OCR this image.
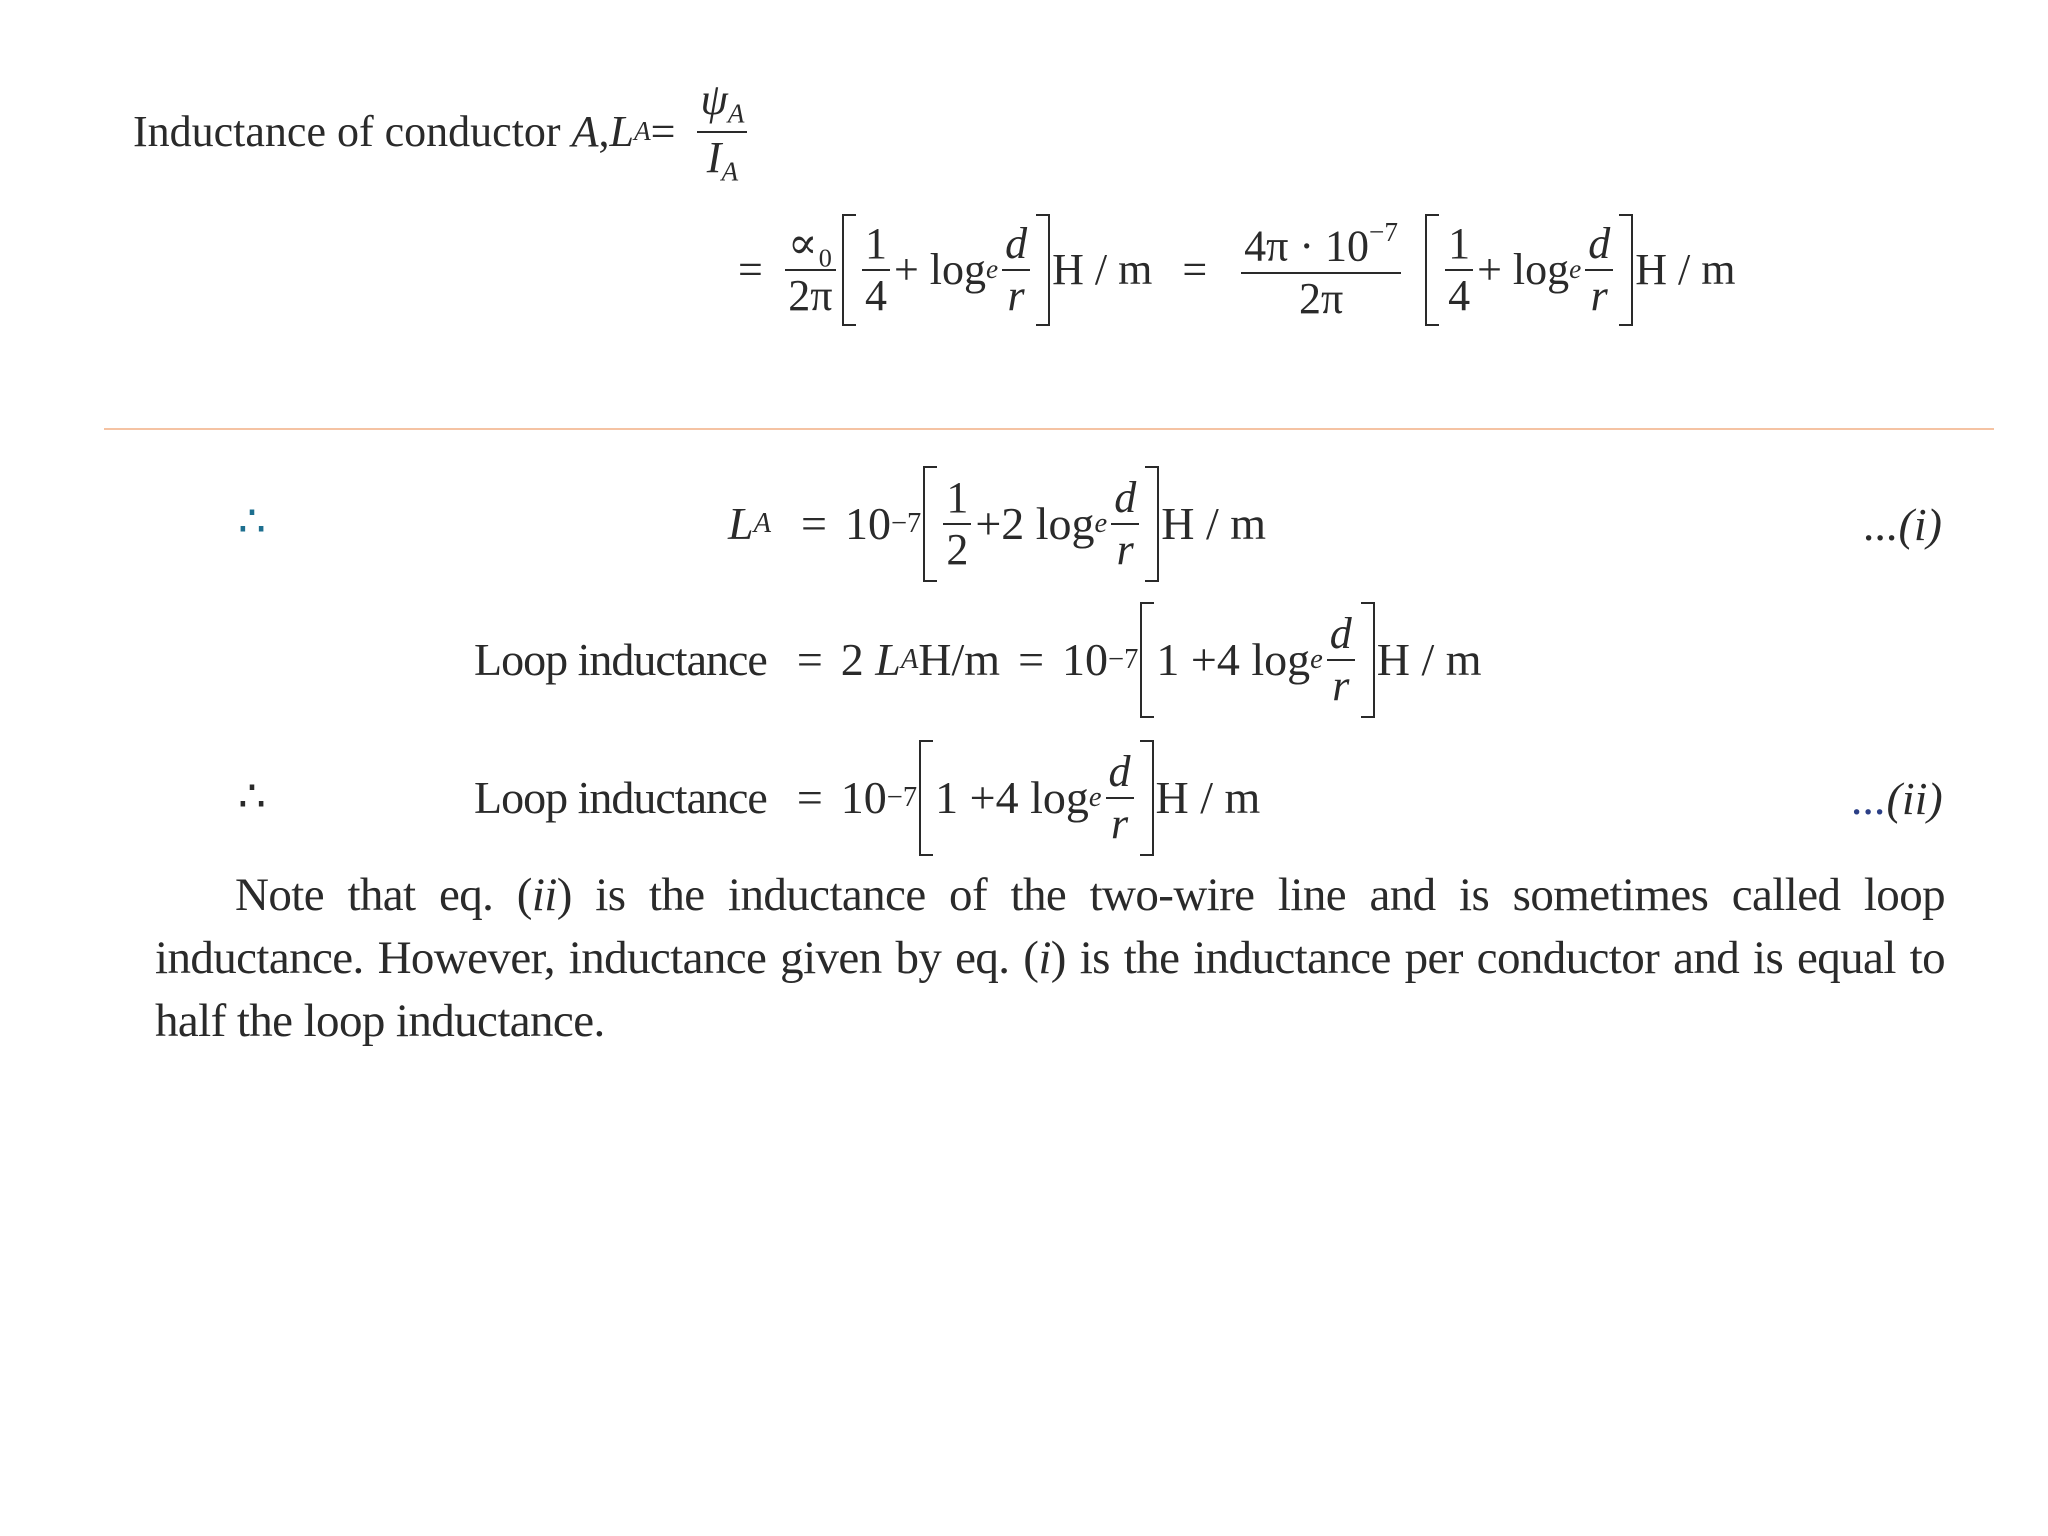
Inductance of conductor
A , L $A = \frac{\psi_A}{I_A}$
= $\frac{\text{∝₀}}{2\pi} \frac{1}{4} + \log e \frac{d}{r}$ $H / m = \frac{4\pi \cdot 10^{-7}}{2\pi} \frac{1}{4} + \log e \frac{d}{r}$ H / m
∴	L $A = 10 -7 \frac{1}{2} +2$ log e $\frac{d}{r}$ H / m	...(i)
Loop inductance = 2
L A H/m = 10 −7 1
+4 log e $\frac{d}{r}$ H / m
∴	Loop inductance = 10 −7 1
+4 log e $\frac{d}{r}$ H / m	...(ii)
Note that eq. (ii) is the inductance of the two-wire line and is sometimes called loop inductance. However, inductance given by eq. (i) is the inductance per conductor and is equal to half the loop inductance.
